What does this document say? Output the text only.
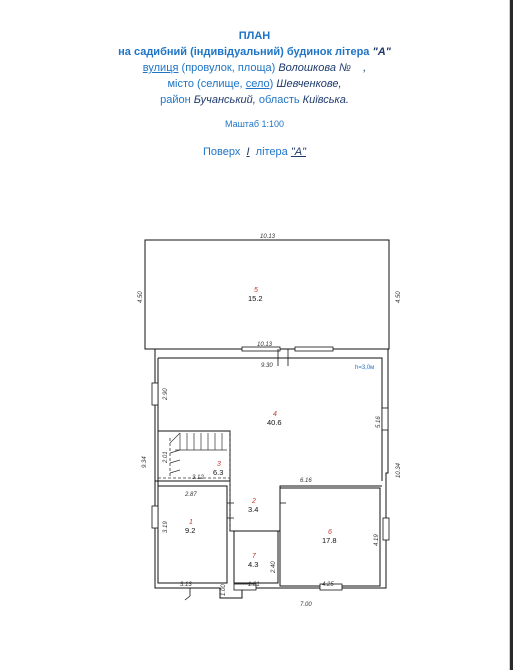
ПЛАН
на садибний (індивідуальний) будинок літера "А"
вулиця (провулок, площа) Волошкова № ,
місто (селище, село) Шевченкове,
район Бучанський, область Київська.
Маштаб 1:100
Поверх І літера "А"
5
15.2
4
40.6
3
6.3
1
9.2
2
3.4
7
4.3
6
17.8
h=3,0м
10.13
10.13
9.30
3.12	6.16
2.87
3.13	1.81	4.25
7.00
4.50	4.50
2.90
9.34
5.16
10.34
2.01
3.19
2.40
4.19
1.00
